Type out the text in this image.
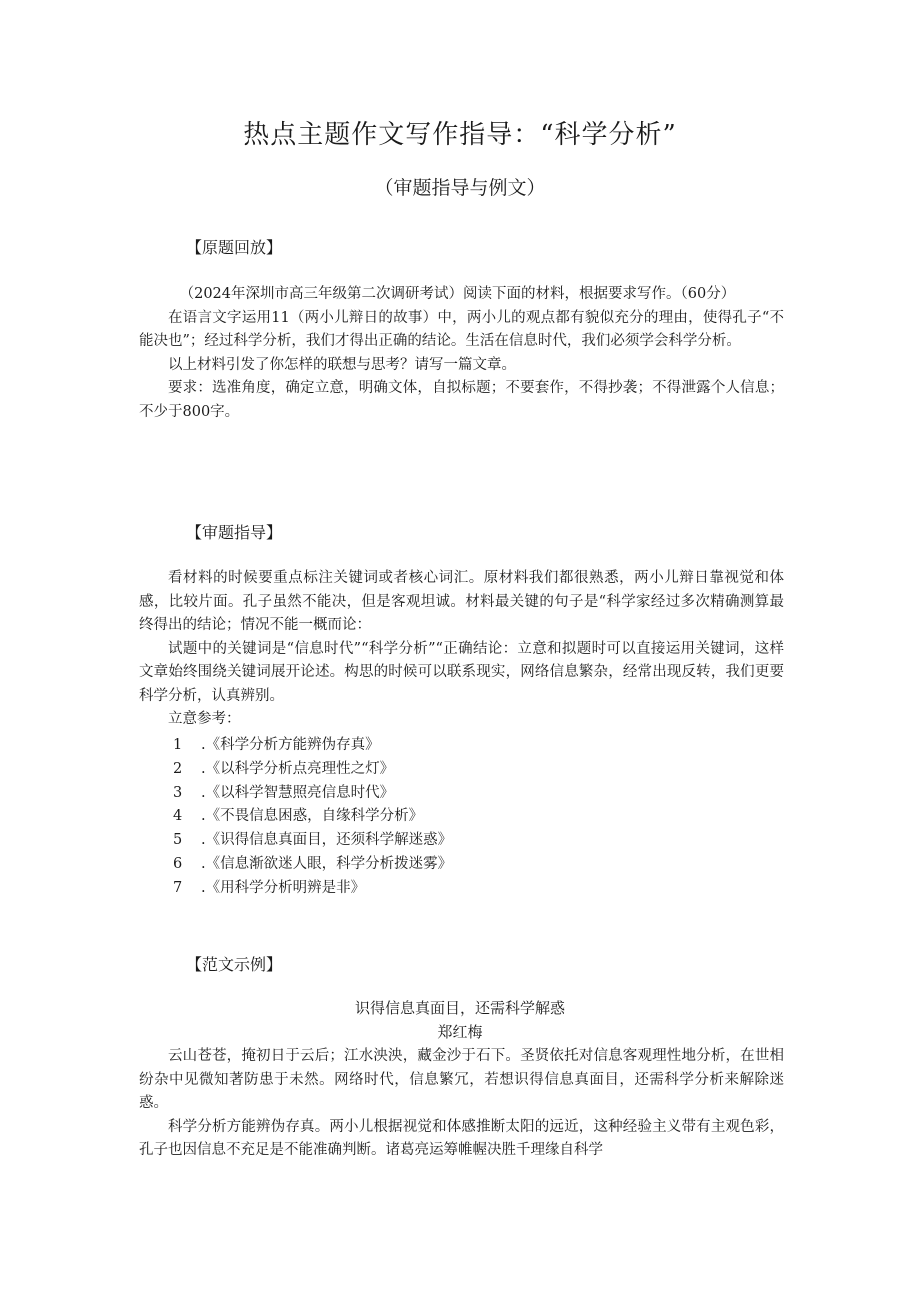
热点主题作文写作指导：“科学分析”
（审题指导与例文）
【原题回放】

（2024年深圳市高三年级第二次调研考试）阅读下面的材料，根据要求写作。（60分）

在语言文字运用11（两小儿辩日的故事）中，两小儿的观点都有貌似充分的理由，使得孔子“不能决也”；经过科学分析，我们才得出正确的结论。生活在信息时代，我们必须学会科学分析。

以上材料引发了你怎样的联想与思考？请写一篇文章。

要求：选准角度，确定立意，明确文体，自拟标题；不要套作，不得抄袭；不得泄露个人信息；不少于800字。

【审题指导】

看材料的时候要重点标注关键词或者核心词汇。原材料我们都很熟悉，两小儿辩日靠视觉和体感，比较片面。孔子虽然不能决，但是客观坦诚。材料最关键的句子是“科学家经过多次精确测算最终得出的结论；情况不能一概而论：

试题中的关键词是“信息时代”“科学分析”“正确结论：立意和拟题时可以直接运用关键词，这样文章始终围绕关键词展开论述。构思的时候可以联系现实，网络信息繁杂，经常出现反转，我们更要科学分析，认真辨别。

立意参考：

1 .《科学分析方能辨伪存真》
2 .《以科学分析点亮理性之灯》
3 .《以科学智慧照亮信息时代》
4 .《不畏信息困惑，自缘科学分析》
5 .《识得信息真面目，还须科学解迷惑》
6 .《信息渐欲迷人眼，科学分析拨迷雾》
7 .《用科学分析明辨是非》
【范文示例】
识得信息真面目，还需科学解惑
郑红梅

云山苍苍，掩初日于云后；江水泱泱，藏金沙于石下。圣贤依托对信息客观理性地分析，在世相纷杂中见微知著防患于未然。网络时代，信息繁冗，若想识得信息真面目，还需科学分析来解除迷惑。

科学分析方能辨伪存真。两小儿根据视觉和体感推断太阳的远近，这种经验主义带有主观色彩，孔子也因信息不充足是不能准确判断。诸葛亮运筹帷幄决胜千理缘自科学
